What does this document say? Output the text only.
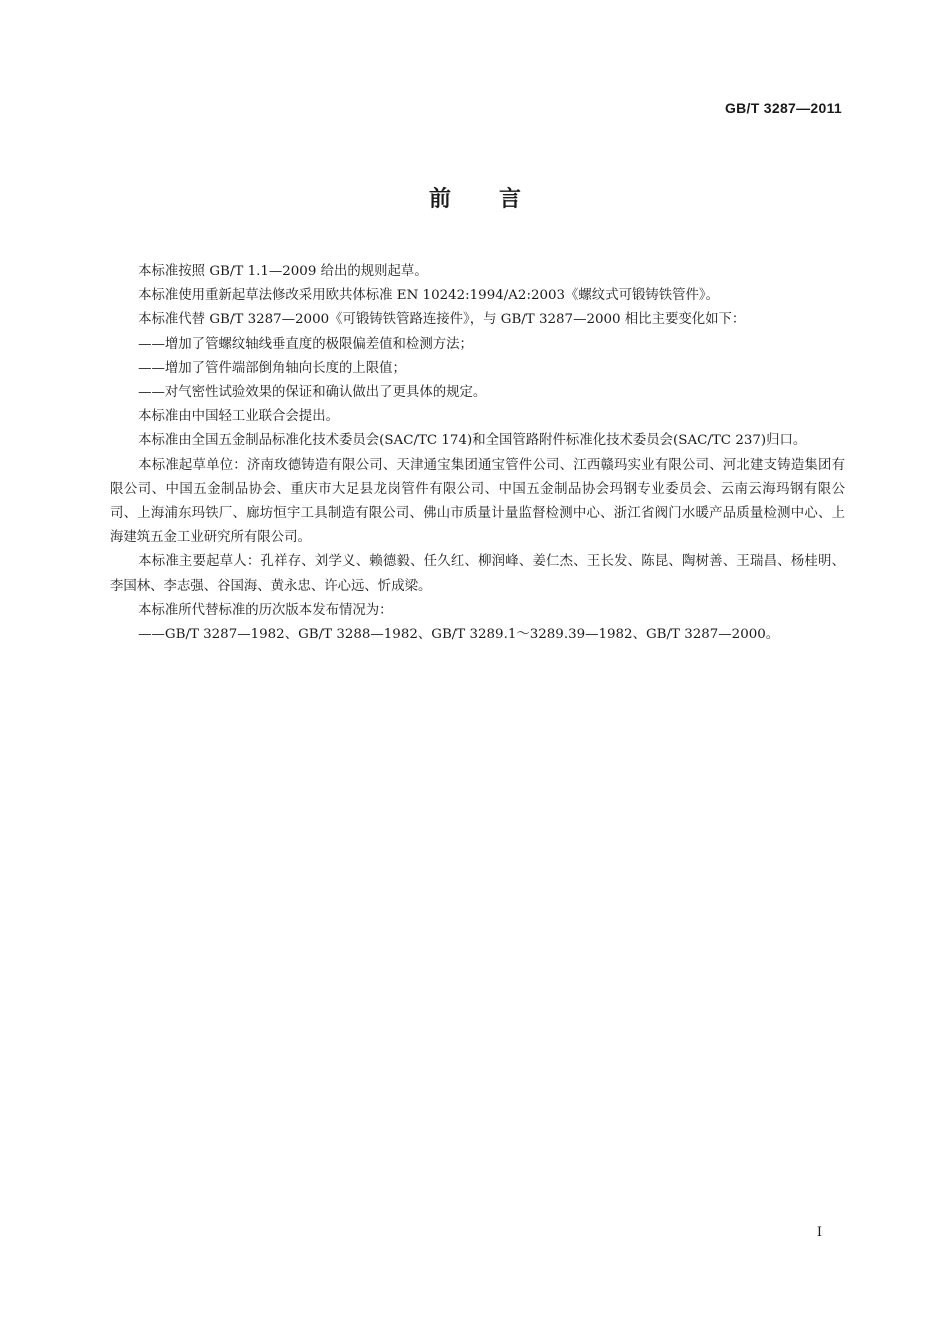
GB/T 3287—2011
前言

本标准按照 GB/T 1.1—2009 给出的规则起草。

本标准使用重新起草法修改采用欧共体标准 EN 10242:1994/A2:2003《螺纹式可锻铸铁管件》。

本标准代替 GB/T 3287—2000《可锻铸铁管路连接件》，与 GB/T 3287—2000 相比主要变化如下：

——增加了管螺纹轴线垂直度的极限偏差值和检测方法；

——增加了管件端部倒角轴向长度的上限值；

——对气密性试验效果的保证和确认做出了更具体的规定。

本标准由中国轻工业联合会提出。

本标准由全国五金制品标准化技术委员会(SAC/TC 174)和全国管路附件标准化技术委员会(SAC/TC 237)归口。

本标准起草单位：济南玫德铸造有限公司、天津通宝集团通宝管件公司、江西赣玛实业有限公司、河北建支铸造集团有限公司、中国五金制品协会、重庆市大足县龙岗管件有限公司、中国五金制品协会玛钢专业委员会、云南云海玛钢有限公司、上海浦东玛铁厂、廊坊恒宇工具制造有限公司、佛山市质量计量监督检测中心、浙江省阀门水暖产品质量检测中心、上海建筑五金工业研究所有限公司。

本标准主要起草人：孔祥存、刘学义、赖德毅、任久红、柳润峰、姜仁杰、王长发、陈昆、陶树善、王瑞昌、杨桂明、李国林、李志强、谷国海、黄永忠、许心远、忻成梁。

本标准所代替标准的历次版本发布情况为：

——GB/T 3287—1982、GB/T 3288—1982、GB/T 3289.1～3289.39—1982、GB/T 3287—2000。

I
